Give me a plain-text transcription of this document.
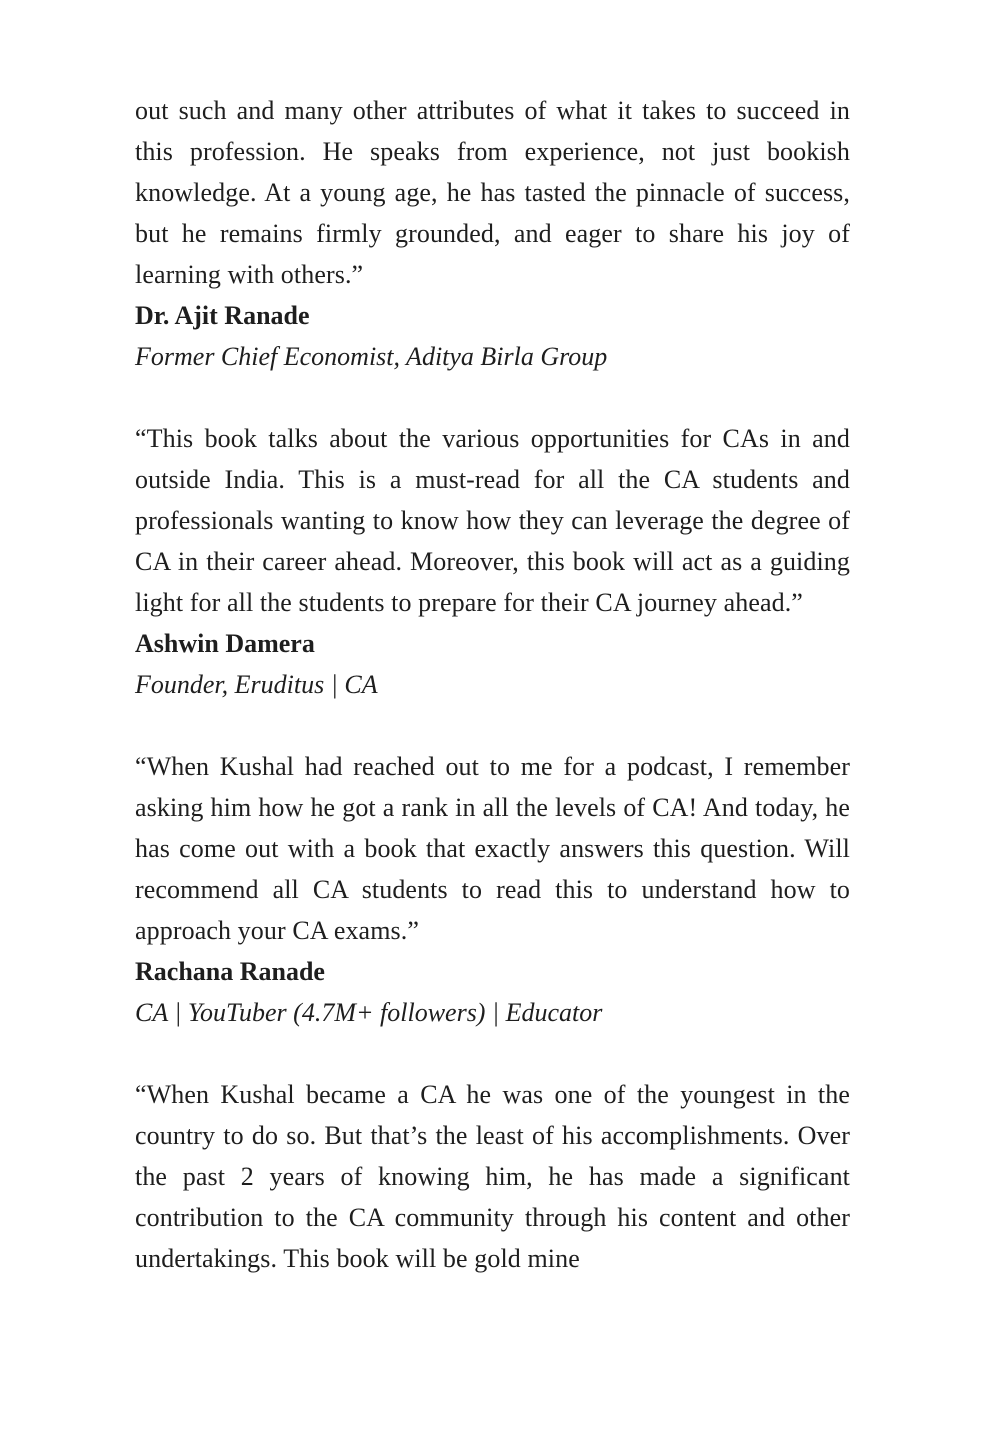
out such and many other attributes of what it takes to succeed in this profession. He speaks from experience, not just bookish knowledge. At a young age, he has tasted the pinnacle of success, but he remains firmly grounded, and eager to share his joy of learning with others.”

Dr. Ajit Ranade

Former Chief Economist, Aditya Birla Group

“This book talks about the various opportunities for CAs in and outside India. This is a must-read for all the CA students and professionals wanting to know how they can leverage the degree of CA in their career ahead. Moreover, this book will act as a guiding light for all the students to prepare for their CA journey ahead.”

Ashwin Damera

Founder, Eruditus | CA

“When Kushal had reached out to me for a podcast, I remember asking him how he got a rank in all the levels of CA! And today, he has come out with a book that exactly answers this question. Will recommend all CA students to read this to understand how to approach your CA exams.”

Rachana Ranade

CA | YouTuber (4.7M+ followers) | Educator

“When Kushal became a CA he was one of the youngest in the country to do so. But that’s the least of his accomplishments. Over the past 2 years of knowing him, he has made a significant contribution to the CA community through his content and other undertakings. This book will be gold mine
